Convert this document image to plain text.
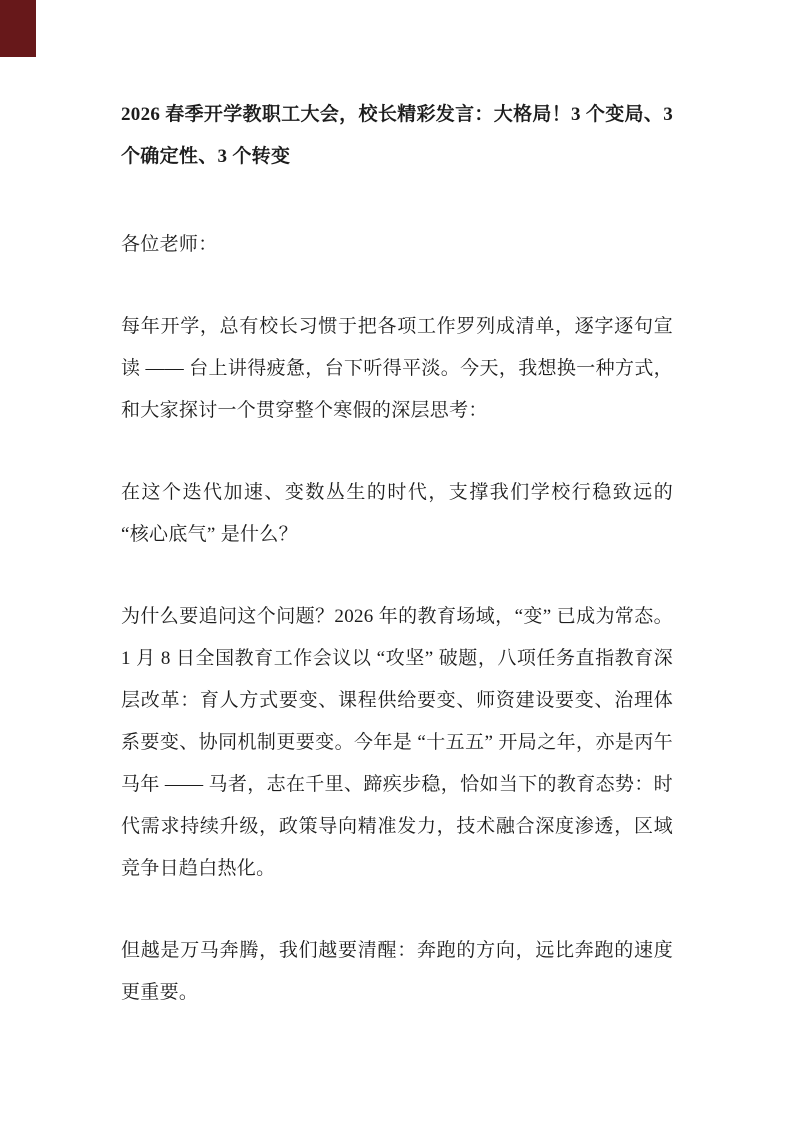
2026 春季开学教职工大会，校长精彩发言：大格局！3 个变局、3 个确定性、3 个转变

各位老师：

每年开学，总有校长习惯于把各项工作罗列成清单，逐字逐句宣读 —— 台上讲得疲惫，台下听得平淡。今天，我想换一种方式，和大家探讨一个贯穿整个寒假的深层思考：

在这个迭代加速、变数丛生的时代，支撑我们学校行稳致远的 “核心底气” 是什么？

为什么要追问这个问题？2026 年的教育场域，“变” 已成为常态。1 月 8 日全国教育工作会议以 “攻坚” 破题，八项任务直指教育深层改革：育人方式要变、课程供给要变、师资建设要变、治理体系要变、协同机制更要变。今年是 “十五五” 开局之年，亦是丙午马年 —— 马者，志在千里、蹄疾步稳，恰如当下的教育态势：时代需求持续升级，政策导向精准发力，技术融合深度渗透，区域竞争日趋白热化。

但越是万马奔腾，我们越要清醒：奔跑的方向，远比奔跑的速度更重要。
